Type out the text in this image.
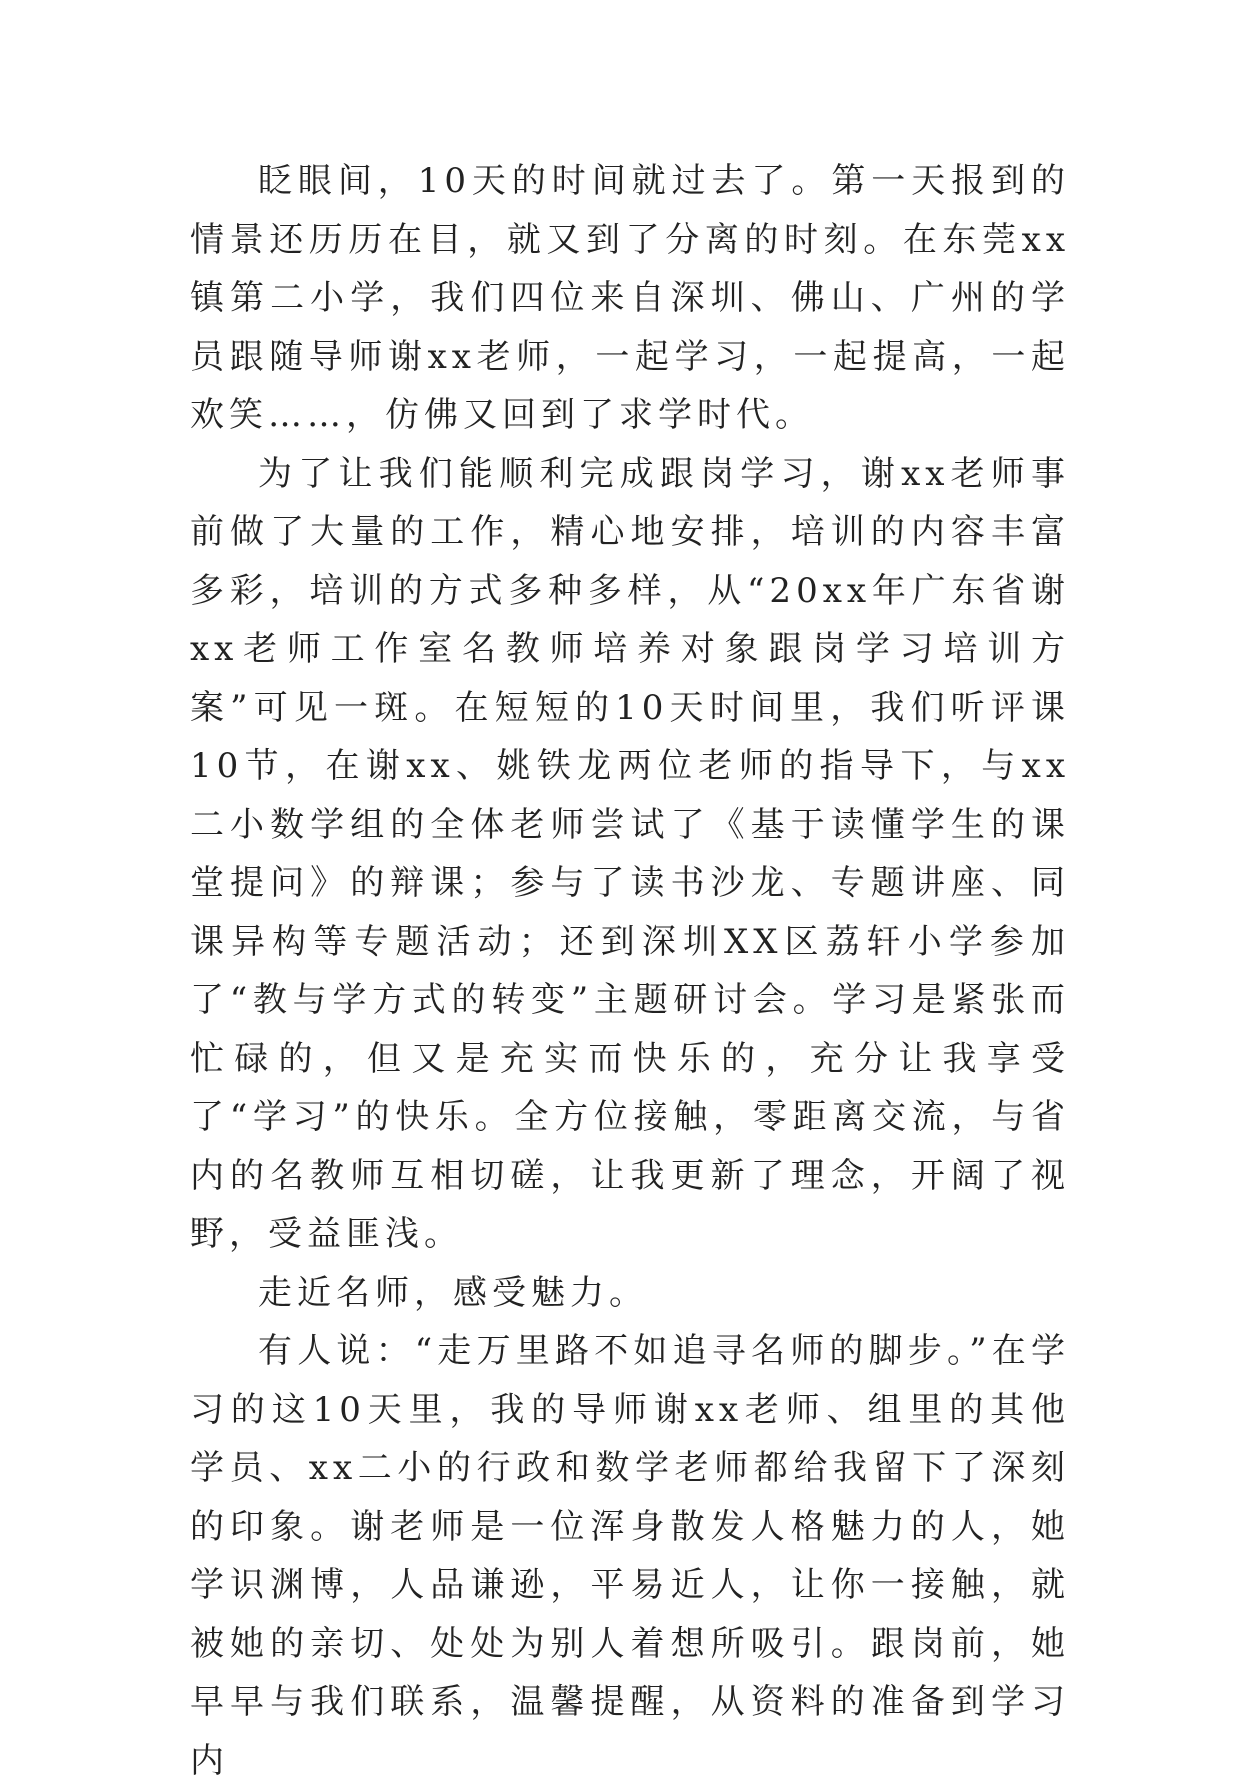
眨眼间，10天的时间就过去了。第一天报到的情景还历历在目，就又到了分离的时刻。在东莞xx镇第二小学，我们四位来自深圳、佛山、广州的学员跟随导师谢xx老师，一起学习，一起提高，一起欢笑……，仿佛又回到了求学时代。

为了让我们能顺利完成跟岗学习，谢xx老师事前做了大量的工作，精心地安排，培训的内容丰富多彩，培训的方式多种多样，从“20xx年广东省谢xx老师工作室名教师培养对象跟岗学习培训方案”可见一斑。在短短的10天时间里，我们听评课10节，在谢xx、姚铁龙两位老师的指导下，与xx二小数学组的全体老师尝试了《基于读懂学生的课堂提问》的辩课；参与了读书沙龙、专题讲座、同课异构等专题活动；还到深圳XX区荔轩小学参加了“教与学方式的转变”主题研讨会。学习是紧张而忙碌的，但又是充实而快乐的，充分让我享受了“学习”的快乐。全方位接触，零距离交流，与省内的名教师互相切磋，让我更新了理念，开阔了视野，受益匪浅。

走近名师，感受魅力。

有人说：“走万里路不如追寻名师的脚步。”在学习的这10天里，我的导师谢xx老师、组里的其他学员、xx二小的行政和数学老师都给我留下了深刻的印象。谢老师是一位浑身散发人格魅力的人，她学识渊博，人品谦逊，平易近人，让你一接触，就被她的亲切、处处为别人着想所吸引。跟岗前，她早早与我们联系，温馨提醒，从资料的准备到学习内
